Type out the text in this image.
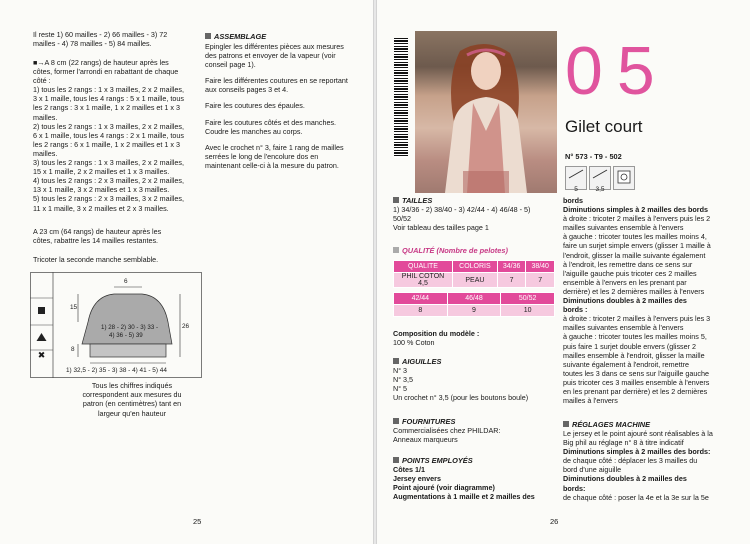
Il reste 1) 60 mailles - 2) 66 mailles - 3) 72
mailles - 4) 78 mailles - 5) 84 mailles.
■→A 8 cm (22 rangs) de hauteur après les
côtes, former l'arrondi en rabattant de chaque
côté :
1) tous les 2 rangs : 1 x 3 mailles, 2 x 2 mailles,
3 x 1 maille, tous les 4 rangs : 5 x 1 maille, tous
les 2 rangs : 3 x 1 maille, 1 x 2 mailles et 1 x 3
mailles.
2) tous les 2 rangs : 1 x 3 mailles, 2 x 2 mailles,
6 x 1 maille, tous les 4 rangs : 2 x 1 maille, tous
les 2 rangs : 6 x 1 maille, 1 x 2 mailles et 1 x 3
mailles.
3) tous les 2 rangs : 1 x 3 mailles, 2 x 2 mailles,
15 x 1 maille, 2 x 2 mailles et 1 x 3 mailles.
4) tous les 2 rangs : 2 x 3 mailles, 2 x 2 mailles,
13 x 1 maille, 3 x 2 mailles et 1 x 3 mailles.
5) tous les 2 rangs : 2 x 3 mailles, 3 x 2 mailles,
11 x 1 maille, 3 x 2 mailles et 2 x 3 mailles.
A 23 cm (64 rangs) de hauteur après les
côtes, rabattre les 14 mailles restantes.
Tricoter la seconde manche semblable.
✖
6
15
26
8
1) 28 - 2) 30 - 3) 33 -
4) 36 - 5) 39
1) 32,5 - 2) 35 - 3) 38 - 4) 41 - 5) 44
Tous les chiffres indiqués
correspondent aux mesures du
patron (en centimètres) tant en
largeur qu'en hauteur
ASSEMBLAGE
Epingler les différentes pièces aux mesures
des patrons et envoyer de la vapeur (voir
conseil page 1).
Faire les différentes coutures en se reportant
aux conseils pages 3 et 4.
Faire les coutures des épaules.
Faire les coutures côtés et des manches.
Coudre les manches au corps.
Avec le crochet n° 3, faire 1 rang de mailles
serrées le long de l'encolure dos en
maintenant celle-ci à la mesure du patron.
25
05
Gilet court
N° 573 - T9 - 502
5	3,5
TAILLES
1) 34/36 - 2) 38/40 - 3) 42/44 - 4) 46/48 - 5)
50/52
Voir tableau des tailles page 1
QUALITÉ (Nombre de pelotes)
QUALITE	COLORIS	34/36	38/40
PHIL COTON 4,5	PEAU	7	7
42/44	46/48	50/52
8	9	10
Composition du modèle :
100 % Coton
AIGUILLES
N° 3
N° 3,5
N° 5
Un crochet n° 3,5 (pour les boutons boule)
FOURNITURES
Commercialisées chez PHILDAR:
Anneaux marqueurs
POINTS EMPLOYÉS
Côtes 1/1
Jersey envers
Point ajouré (voir diagramme)
Augmentations à 1 maille et 2 mailles des
bords
Diminutions simples à 2 mailles des bords
à droite : tricoter 2 mailles à l'envers puis les 2
mailles suivantes ensemble à l'envers
à gauche : tricoter toutes les mailles moins 4,
faire un surjet simple envers (glisser 1 maille à
l'endroit, glisser la maille suivante également
à l'endroit, les remettre dans ce sens sur
l'aiguille gauche puis tricoter ces 2 mailles
ensemble à l'envers en les prenant par
derrière) et les 2 dernières mailles à l'envers
Diminutions doubles à 2 mailles des
bords :
à droite : tricoter 2 mailles à l'envers puis les 3
mailles suivantes ensemble à l'envers
à gauche : tricoter toutes les mailles moins 5,
puis faire 1 surjet double envers (glisser 2
mailles ensemble à l'endroit, glisser la maille
suivante également à l'endroit, remettre
toutes les 3 dans ce sens sur l'aiguille gauche
puis tricoter ces 3 mailles ensemble à l'envers
en les prenant par derrière) et les 2 dernières
mailles à l'envers
RÉGLAGES MACHINE
Le jersey et le point ajouré sont réalisables à la
Big phil au réglage n° 8 à titre indicatif
Diminutions simples à 2 mailles des bords:
de chaque côté : déplacer les 3 mailles du
bord d'une aiguille
Diminutions doubles à 2 mailles des
bords:
de chaque côté : poser la 4e et la 3e sur la 5e
26
